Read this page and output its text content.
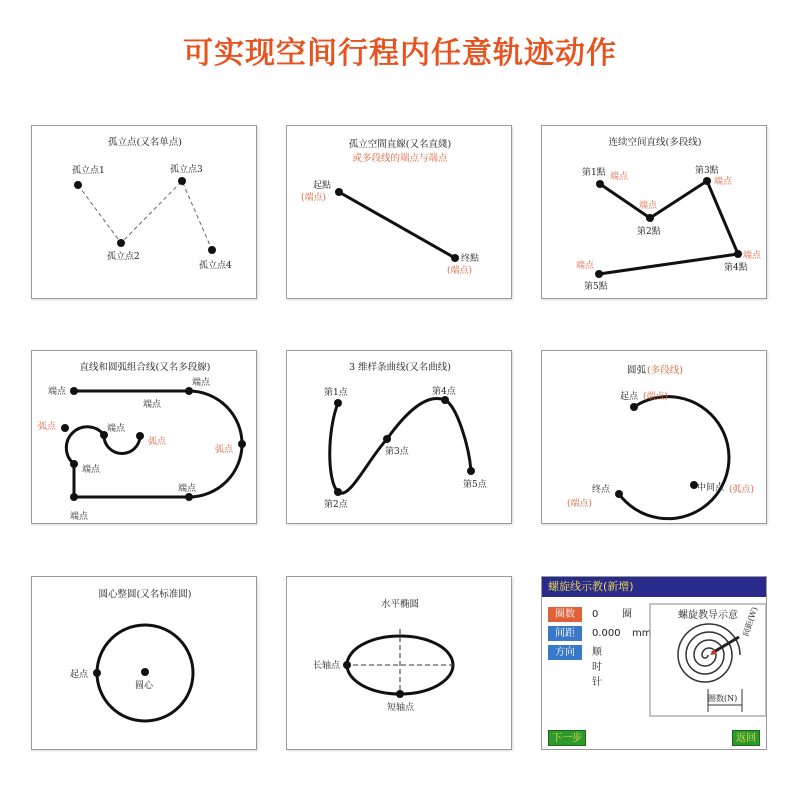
可实现空间行程内任意轨迹动作
孤立点(又名单点)
孤立点1
孤立点2
孤立点3
孤立点4
孤立空間直線(又名直綫)
或多段线的端点与端点
起點
(端点)
终點
(端点)
连续空间直线(多段线)
第1點
第2點
第3點
第4點
第5點
端点
端点
端点
端点
端点
直线和圆弧组合线(又名多段線)
端点
端点
弧点
端点
端点
端点
弧点	端点
端点
弧点
3 维样条曲线(又名曲线)
第1点
第2点
第3点
第4点
第5点
圆弧 (多段线)
起点 (端点)
中间点 (弧点)
终点
(端点)
圆心整圆(又名标准圆)
起点
圆心
水平椭圆
长轴点
短轴点
螺旋线示教(新增)
圈数	0 圈
间距	0.000 mm
方向	顺时针
螺旋教导示意 间距(W)
圈数(N)
下一步	返回
